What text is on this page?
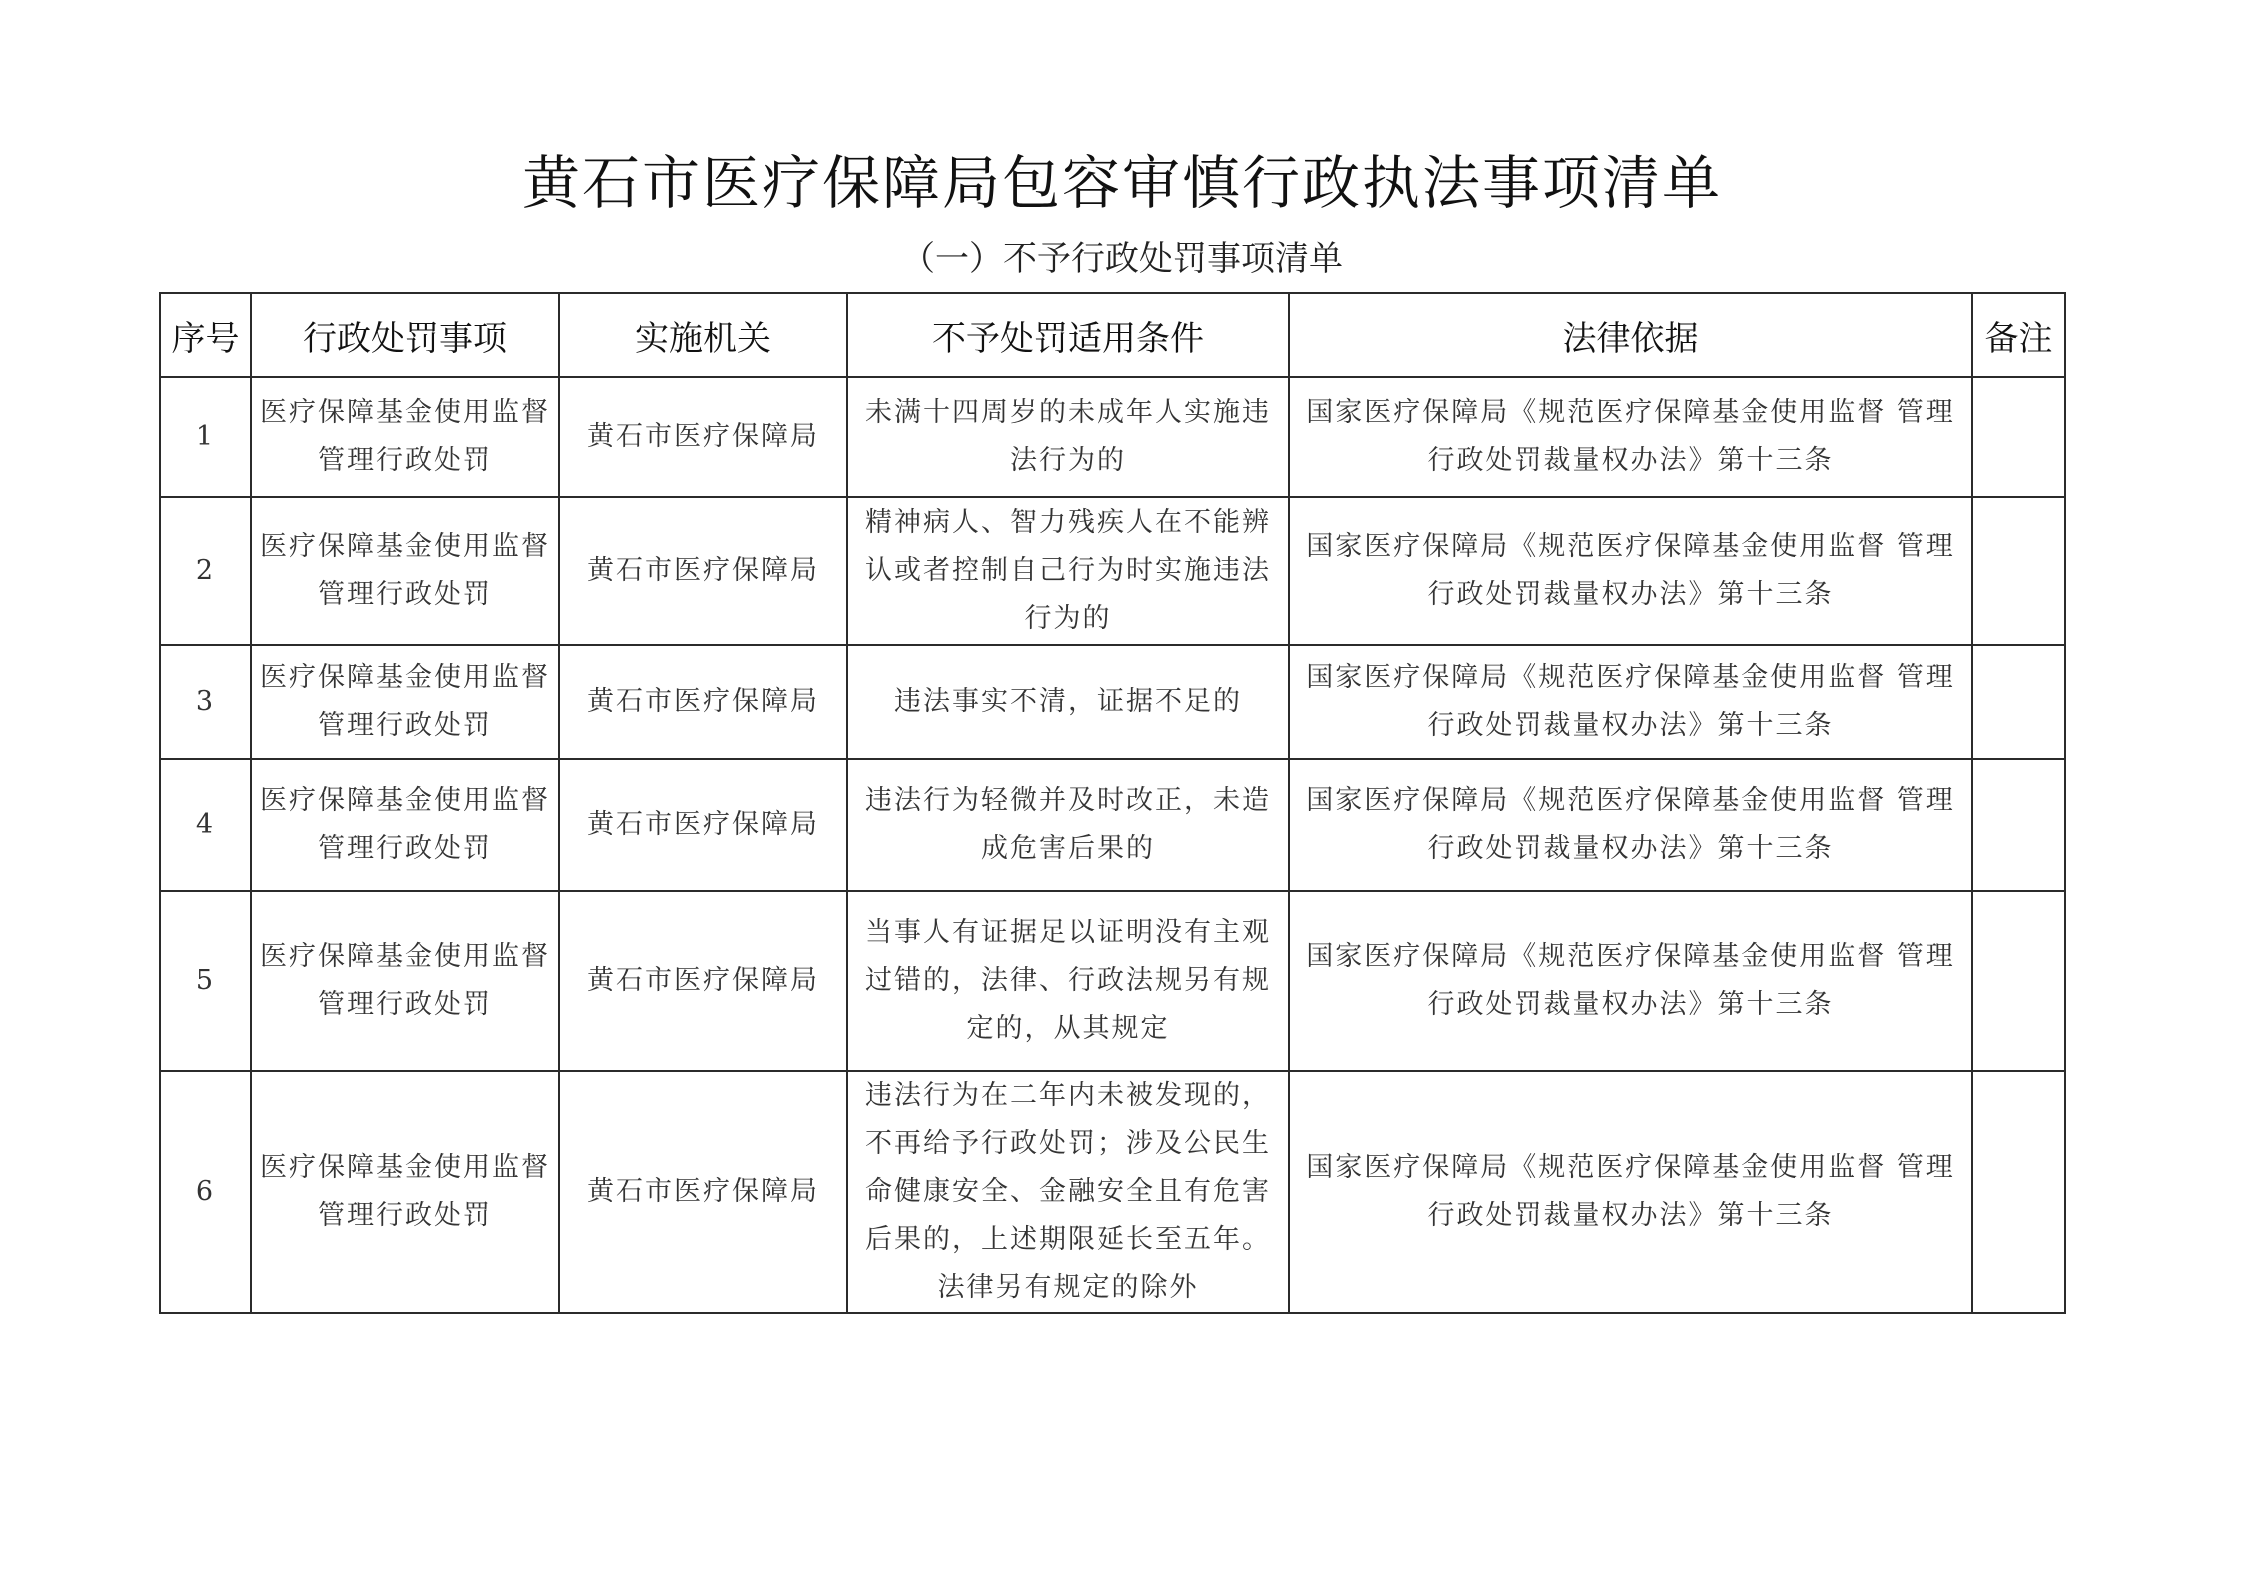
黄石市医疗保障局包容审慎行政执法事项清单
（一）不予行政处罚事项清单
序号	行政处罚事项	实施机关	不予处罚适用条件	法律依据	备注
1	医疗保障基金使用监督管理行政处罚	黄石市医疗保障局	未满十四周岁的未成年人实施违法行为的	国家医疗保障局《规范医疗保障基金使用监督 管理行政处罚裁量权办法》第十三条	
2	医疗保障基金使用监督管理行政处罚	黄石市医疗保障局	精神病人、智力残疾人在不能辨认或者控制自己行为时实施违法行为的	国家医疗保障局《规范医疗保障基金使用监督 管理行政处罚裁量权办法》第十三条	
3	医疗保障基金使用监督管理行政处罚	黄石市医疗保障局	违法事实不清，证据不足的	国家医疗保障局《规范医疗保障基金使用监督 管理行政处罚裁量权办法》第十三条	
4	医疗保障基金使用监督管理行政处罚	黄石市医疗保障局	违法行为轻微并及时改正，未造成危害后果的	国家医疗保障局《规范医疗保障基金使用监督 管理行政处罚裁量权办法》第十三条	
5	医疗保障基金使用监督管理行政处罚	黄石市医疗保障局	当事人有证据足以证明没有主观过错的，法律、行政法规另有规定的，从其规定	国家医疗保障局《规范医疗保障基金使用监督 管理行政处罚裁量权办法》第十三条	
6	医疗保障基金使用监督管理行政处罚	黄石市医疗保障局	违法行为在二年内未被发现的，不再给予行政处罚；涉及公民生命健康安全、金融安全且有危害后果的，上述期限延长至五年。法律另有规定的除外	国家医疗保障局《规范医疗保障基金使用监督 管理行政处罚裁量权办法》第十三条	
